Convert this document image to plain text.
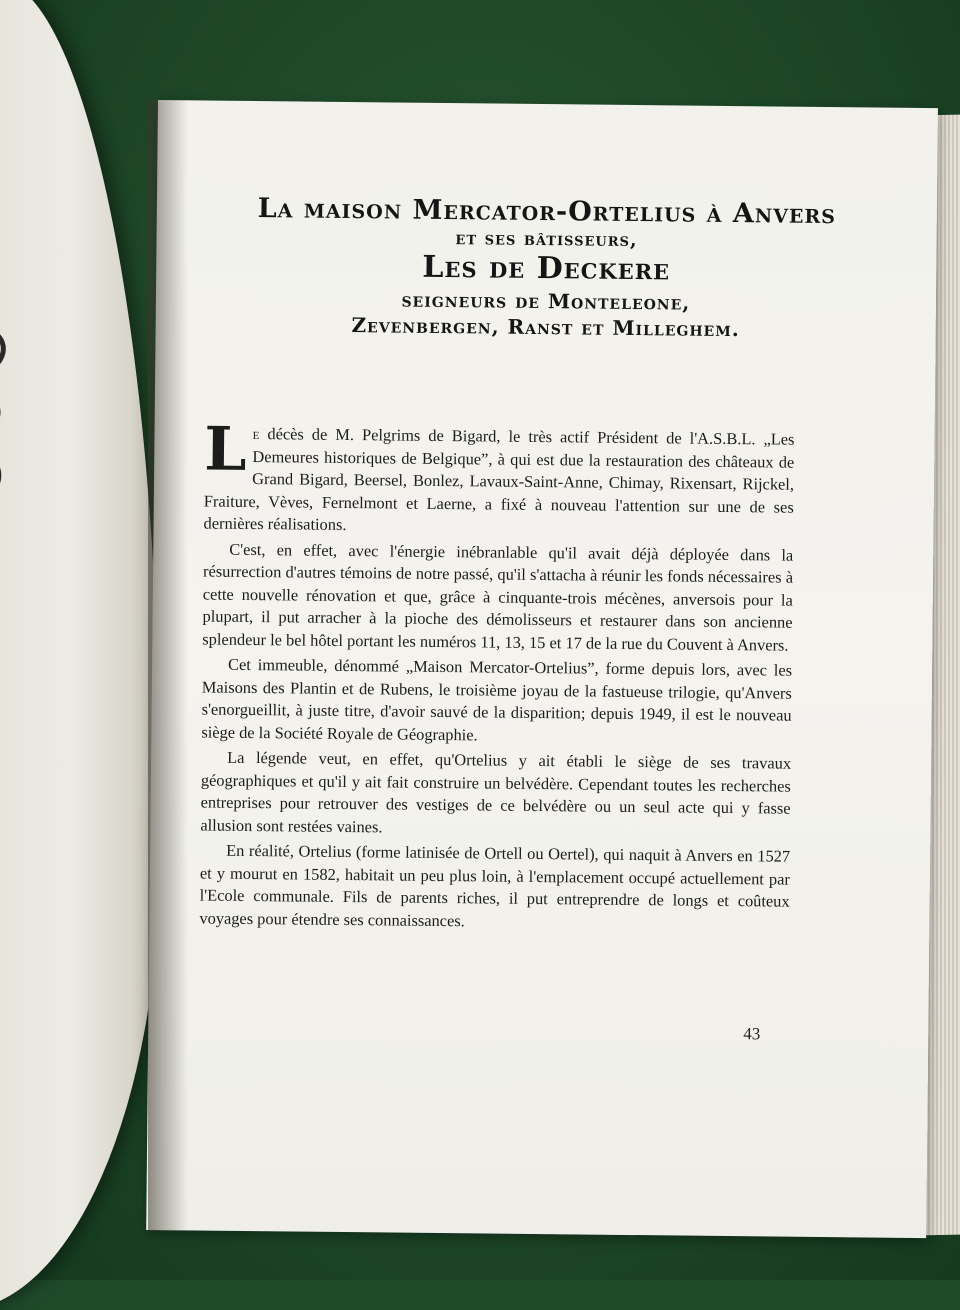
La maison Mercator-Ortelius à Anvers
et ses bâtisseurs,
Les de Deckere
seigneurs de Monteleone,
Zevenbergen, Ranst et Milleghem.

Le décès de M. Pelgrims de Bigard, le très actif Président de l'A.S.B.L. „Les Demeures historiques de Belgique”, à qui est due la restauration des châteaux de Grand Bigard, Beersel, Bonlez, Lavaux-Saint-Anne, Chimay, Rixensart, Rijckel, Fraiture, Vèves, Fernelmont et Laerne, a fixé à nouveau l'attention sur une de ses dernières réalisations.

C'est, en effet, avec l'énergie inébranlable qu'il avait déjà déployée dans la résurrection d'autres témoins de notre passé, qu'il s'attacha à réunir les fonds nécessaires à cette nouvelle rénovation et que, grâce à cinquante-trois mécènes, anversois pour la plupart, il put arracher à la pioche des démolisseurs et restaurer dans son ancienne splendeur le bel hôtel portant les numéros 11, 13, 15 et 17 de la rue du Couvent à Anvers.

Cet immeuble, dénommé „Maison Mercator-Ortelius”, forme depuis lors, avec les Maisons des Plantin et de Rubens, le troisième joyau de la fastueuse trilogie, qu'Anvers s'enorgueillit, à juste titre, d'avoir sauvé de la disparition; depuis 1949, il est le nouveau siège de la Société Royale de Géographie.

La légende veut, en effet, qu'Ortelius y ait établi le siège de ses travaux géographiques et qu'il y ait fait construire un belvédère. Cependant toutes les recherches entreprises pour retrouver des vestiges de ce belvédère ou un seul acte qui y fasse allusion sont restées vaines.

En réalité, Ortelius (forme latinisée de Ortell ou Oertel), qui naquit à Anvers en 1527 et y mourut en 1582, habitait un peu plus loin, à l'emplacement occupé actuellement par l'Ecole communale. Fils de parents riches, il put entreprendre de longs et coûteux voyages pour étendre ses connaissances.

43
